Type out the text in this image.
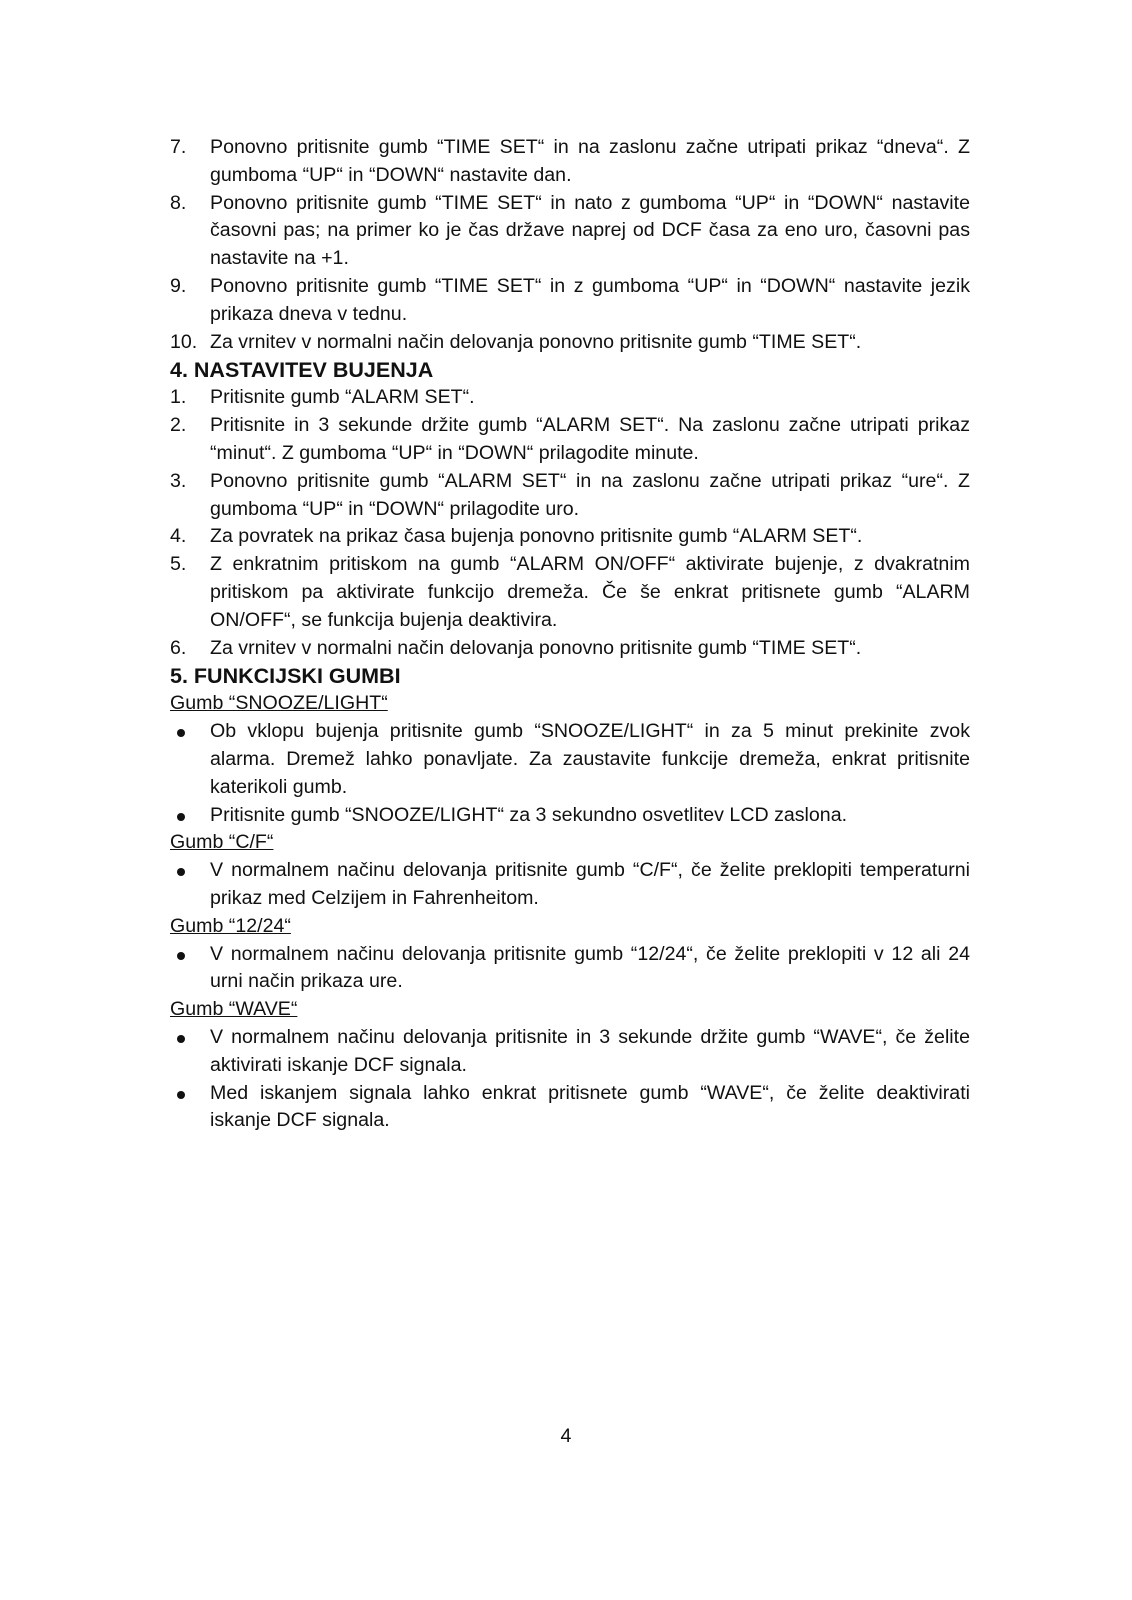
7.	Ponovno pritisnite gumb “TIME SET“ in na zaslonu začne utripati prikaz “dneva“. Z gumboma “UP“ in “DOWN“ nastavite dan.
8.	Ponovno pritisnite gumb “TIME SET“ in nato z gumboma “UP“ in “DOWN“ nastavite časovni pas; na primer ko je čas države naprej od DCF časa za eno uro, časovni pas nastavite na +1.
9.	Ponovno pritisnite gumb “TIME SET“ in z gumboma “UP“ in “DOWN“ nastavite jezik prikaza dneva v tednu.
10. Za vrnitev v normalni način delovanja ponovno pritisnite gumb “TIME SET“.
4. NASTAVITEV BUJENJA
1.	Pritisnite gumb “ALARM SET“.
2.	Pritisnite in 3 sekunde držite gumb “ALARM SET“. Na zaslonu začne utripati prikaz “minut“. Z gumboma “UP“ in “DOWN“ prilagodite minute.
3.	Ponovno pritisnite gumb “ALARM SET“ in na zaslonu začne utripati prikaz “ure“. Z gumboma “UP“ in “DOWN“ prilagodite uro.
4.	Za povratek na prikaz časa bujenja ponovno pritisnite gumb “ALARM SET“.
5.	Z enkratnim pritiskom na gumb “ALARM ON/OFF“ aktivirate bujenje, z dvakratnim pritiskom pa aktivirate funkcijo dremeža. Če še enkrat pritisnete gumb “ALARM ON/OFF“, se funkcija bujenja deaktivira.
6.	Za vrnitev v normalni način delovanja ponovno pritisnite gumb “TIME SET“.
5. FUNKCIJSKI GUMBI

Gumb “SNOOZE/LIGHT“

Ob vklopu bujenja pritisnite gumb “SNOOZE/LIGHT“ in za 5 minut prekinite zvok alarma. Dremež lahko ponavljate. Za zaustavite funkcije dremeža, enkrat pritisnite katerikoli gumb.
Pritisnite gumb “SNOOZE/LIGHT“ za 3 sekundno osvetlitev LCD zaslona.

Gumb “C/F“

V normalnem načinu delovanja pritisnite gumb “C/F“, če želite preklopiti temperaturni prikaz med Celzijem in Fahrenheitom.

Gumb “12/24“

V normalnem načinu delovanja pritisnite gumb “12/24“, če želite preklopiti v 12 ali 24 urni način prikaza ure.

Gumb “WAVE“

V normalnem načinu delovanja pritisnite in 3 sekunde držite gumb “WAVE“, če želite aktivirati iskanje DCF signala.
Med iskanjem signala lahko enkrat pritisnete gumb “WAVE“, če želite deaktivirati iskanje DCF signala.
4
